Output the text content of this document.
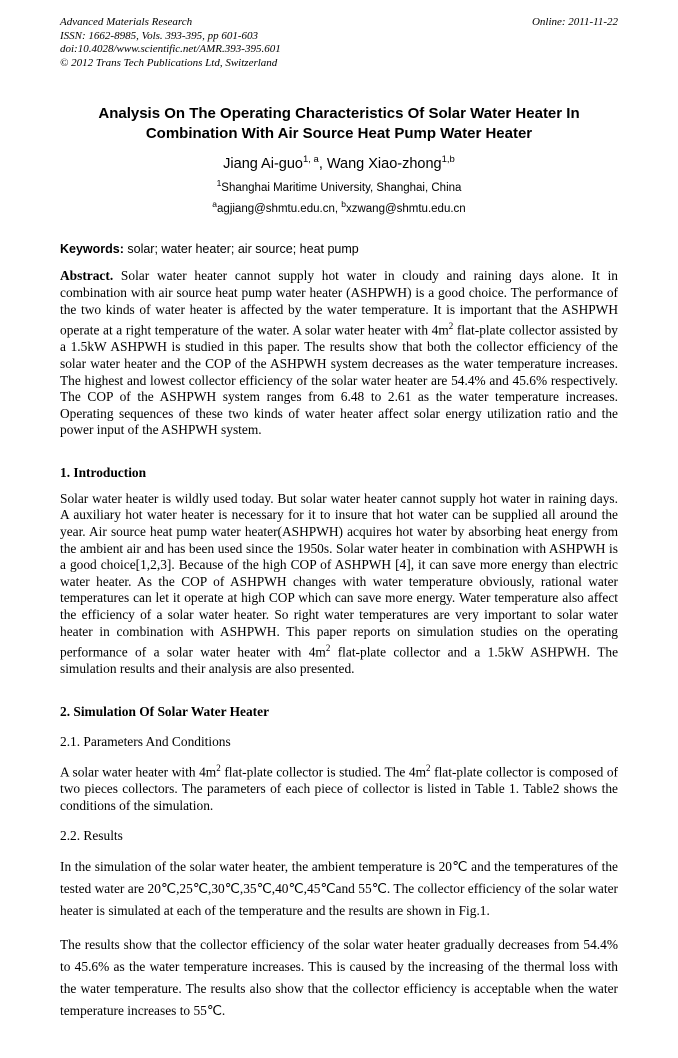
Advanced Materials Research
ISSN: 1662-8985, Vols. 393-395, pp 601-603
doi:10.4028/www.scientific.net/AMR.393-395.601
© 2012 Trans Tech Publications Ltd, Switzerland
Online: 2011-11-22
Analysis On The Operating Characteristics Of Solar Water Heater In Combination With Air Source Heat Pump Water Heater
Jiang Ai-guo$^{1, a}$, Wang Xiao-zhong$^{1,b}$
$^1$Shanghai Maritime University, Shanghai, China
$^a$agjiang@shmtu.edu.cn, $^b$xzwang@shmtu.edu.cn
Keywords: solar; water heater; air source; heat pump

Abstract. Solar water heater cannot supply hot water in cloudy and raining days alone. It in combination with air source heat pump water heater (ASHPWH) is a good choice. The performance of the two kinds of water heater is affected by the water temperature. It is important that the ASHPWH operate at a right temperature of the water. A solar water heater with $4m^2$ flat-plate collector assisted by a 1.5kW ASHPWH is studied in this paper. The results show that both the collector efficiency of the solar water heater and the COP of the ASHPWH system decreases as the water temperature increases. The highest and lowest collector efficiency of the solar water heater are 54.4% and 45.6% respectively. The COP of the ASHPWH system ranges from 6.48 to 2.61 as the water temperature increases. Operating sequences of these two kinds of water heater affect solar energy utilization ratio and the power input of the ASHPWH system.

1. Introduction

Solar water heater is wildly used today. But solar water heater cannot supply hot water in raining days. A auxiliary hot water heater is necessary for it to insure that hot water can be supplied all around the year. Air source heat pump water heater(ASHPWH) acquires hot water by absorbing heat energy from the ambient air and has been used since the 1950s. Solar water heater in combination with ASHPWH is a good choice[1,2,3]. Because of the high COP of ASHPWH [4], it can save more energy than electric water heater. As the COP of ASHPWH changes with water temperature obviously, rational water temperatures can let it operate at high COP which can save more energy. Water temperature also affect the efficiency of a solar water heater. So right water temperatures are very important to solar water heater in combination with ASHPWH. This paper reports on simulation studies on the operating performance of a solar water heater with $4m^2$ flat-plate collector and a 1.5kW ASHPWH. The simulation results and their analysis are also presented.

2. Simulation Of Solar Water Heater
2.1. Parameters And Conditions

A solar water heater with $4m^2$ flat-plate collector is studied. The $4m^2$ flat-plate collector is composed of two pieces collectors. The parameters of each piece of collector is listed in Table 1. Table2 shows the conditions of the simulation.

2.2. Results

In the simulation of the solar water heater, the ambient temperature is 20℃ and the temperatures of the tested water are 20℃,25℃,30℃,35℃,40℃,45℃and 55℃. The collector efficiency of the solar water heater is simulated at each of the temperature and the results are shown in Fig.1.

The results show that the collector efficiency of the solar water heater gradually decreases from 54.4% to 45.6% as the water temperature increases. This is caused by the increasing of the thermal loss with the water temperature. The results also show that the collector efficiency is acceptable when the water temperature increases to 55℃.
